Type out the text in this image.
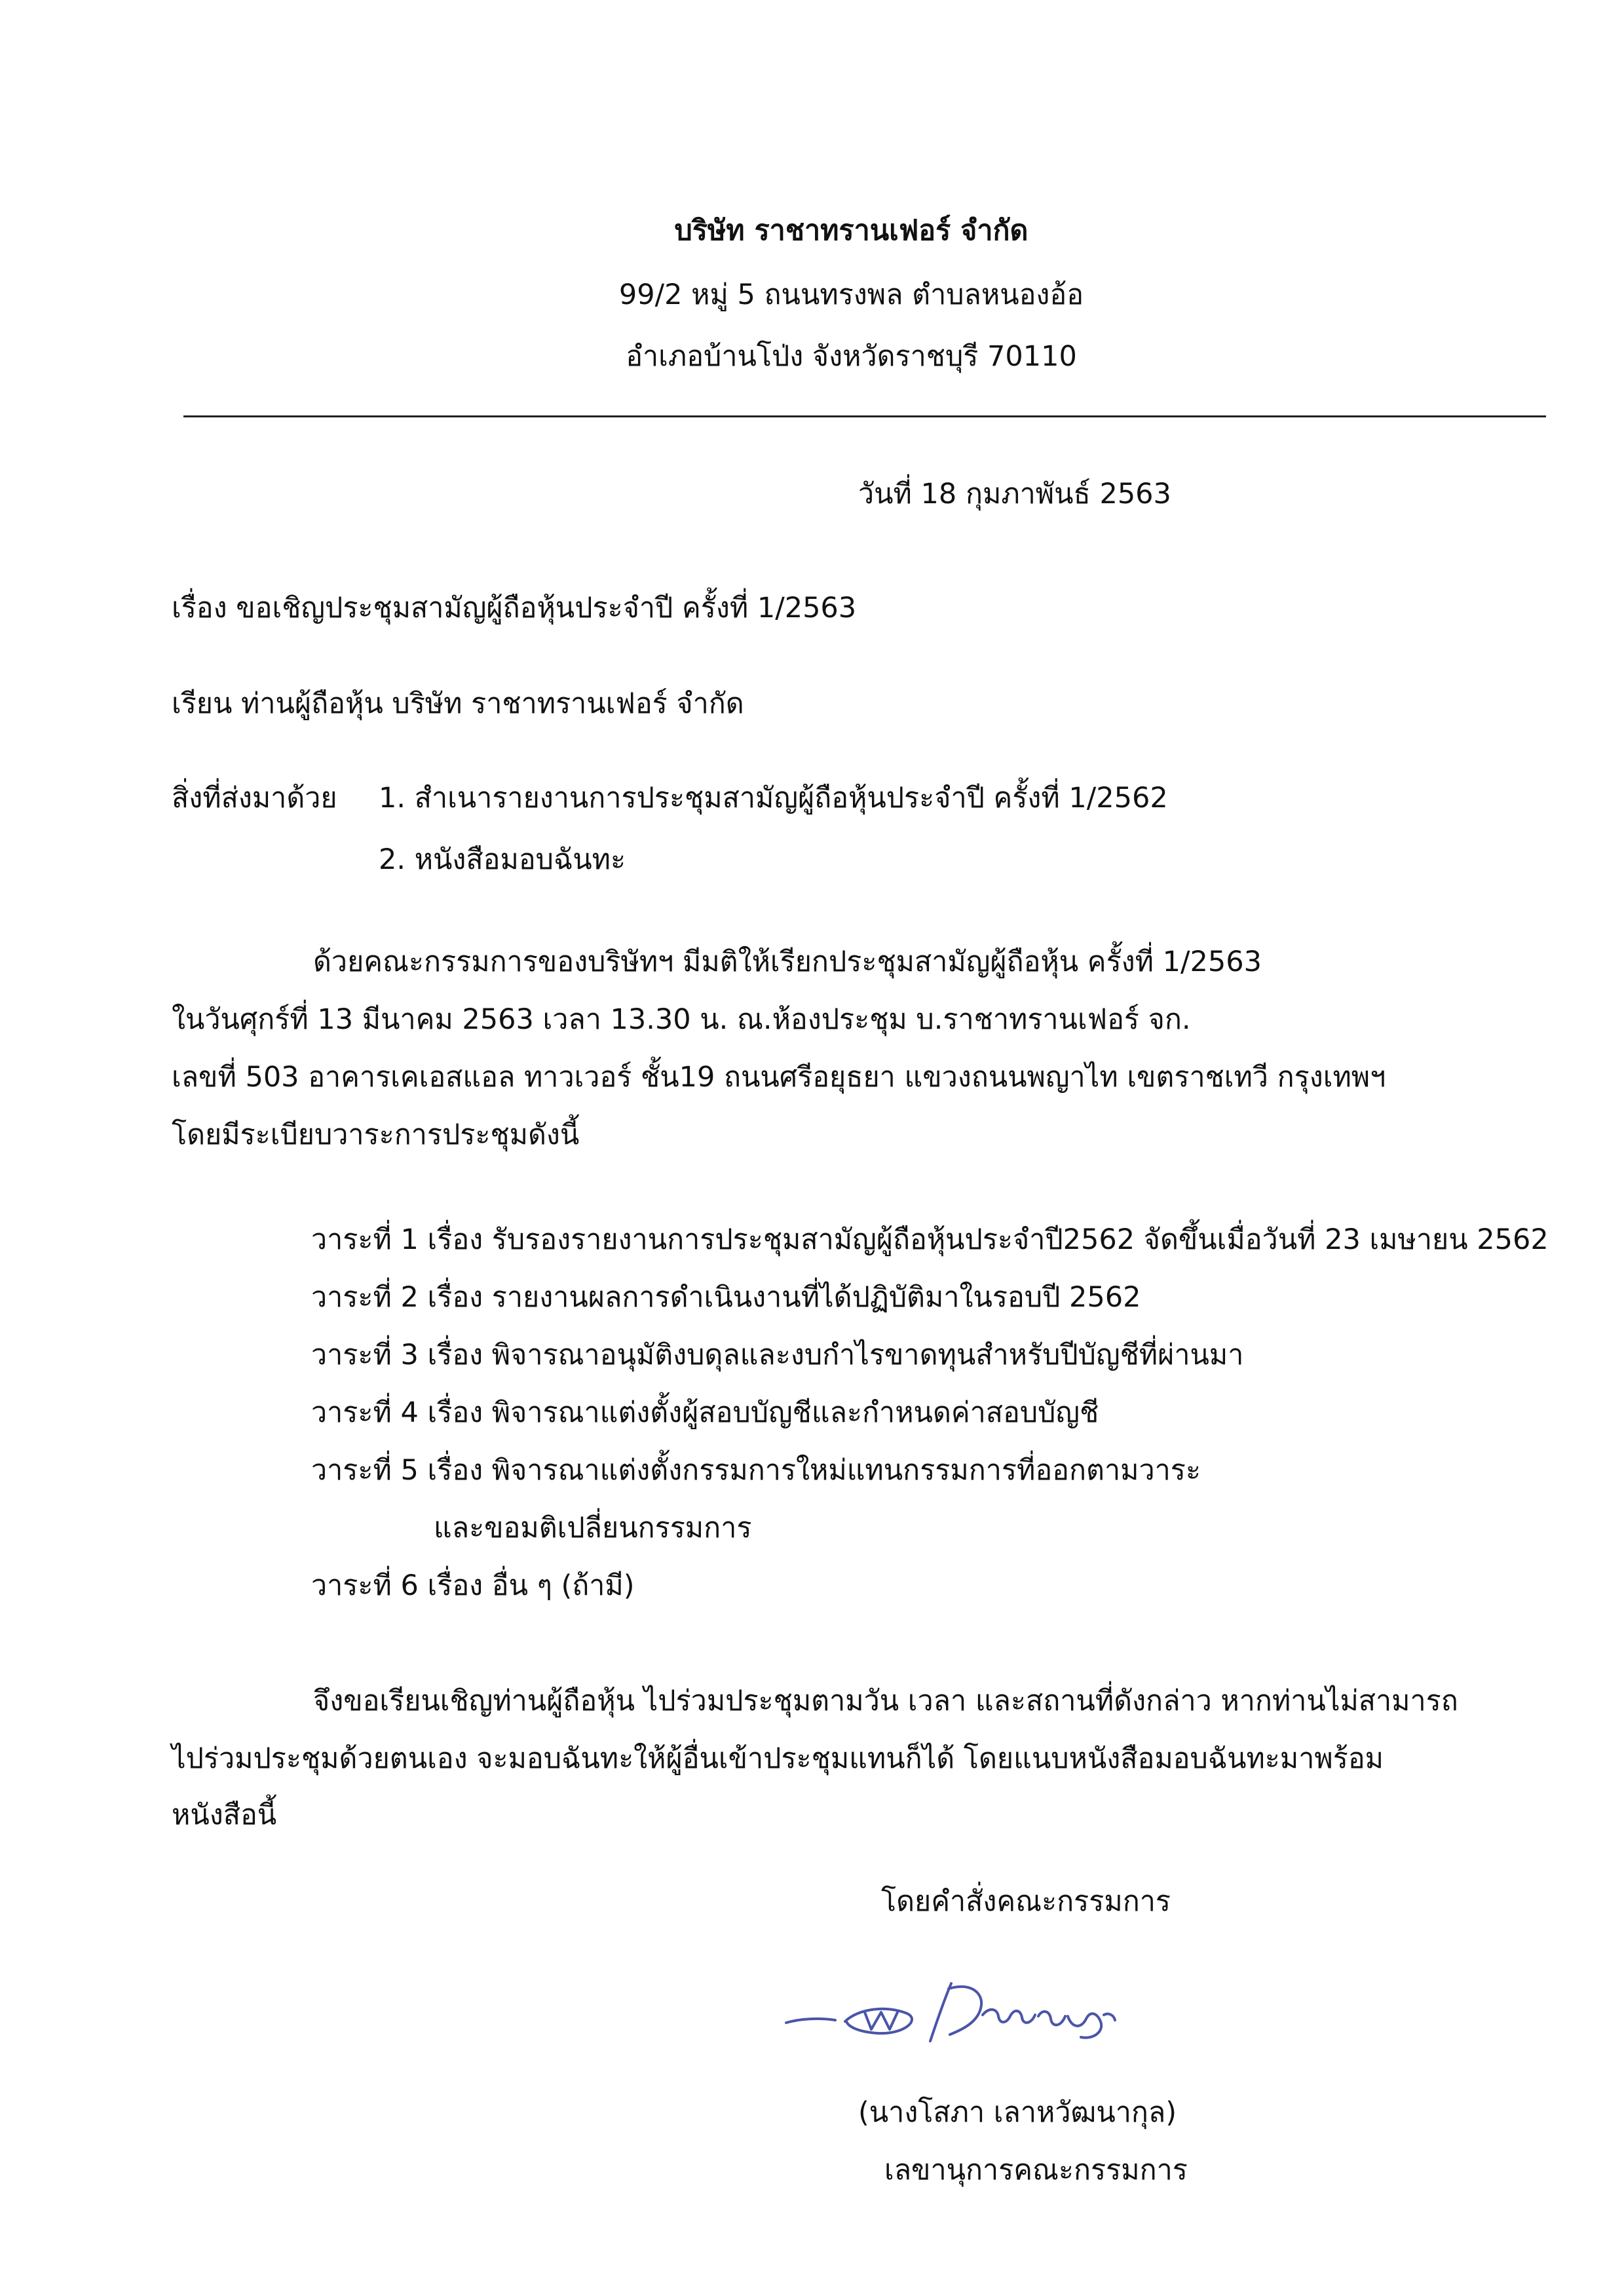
บริษัท ราชาทรานเฟอร์ จำกัด
99/2 หมู่ 5 ถนนทรงพล ตำบลหนองอ้อ
อำเภอบ้านโป่ง จังหวัดราชบุรี 70110
วันที่ 18 กุมภาพันธ์ 2563
เรื่อง ขอเชิญประชุมสามัญผู้ถือหุ้นประจำปี ครั้งที่ 1/2563
เรียน ท่านผู้ถือหุ้น บริษัท ราชาทรานเฟอร์ จำกัด
สิ่งที่ส่งมาด้วย 1. สำเนารายงานการประชุมสามัญผู้ถือหุ้นประจำปี ครั้งที่ 1/2562
2. หนังสือมอบฉันทะ
ด้วยคณะกรรมการของบริษัทฯ มีมติให้เรียกประชุมสามัญผู้ถือหุ้น ครั้งที่ 1/2563
ในวันศุกร์ที่ 13 มีนาคม 2563 เวลา 13.30 น. ณ.ห้องประชุม บ.ราชาทรานเฟอร์ จก.
เลขที่ 503 อาคารเคเอสแอล ทาวเวอร์ ชั้น19 ถนนศรีอยุธยา แขวงถนนพญาไท เขตราชเทวี กรุงเทพฯ
โดยมีระเบียบวาระการประชุมดังนี้
วาระที่ 1 เรื่อง รับรองรายงานการประชุมสามัญผู้ถือหุ้นประจำปี2562 จัดขึ้นเมื่อวันที่ 23 เมษายน 2562
วาระที่ 2 เรื่อง รายงานผลการดำเนินงานที่ได้ปฏิบัติมาในรอบปี 2562
วาระที่ 3 เรื่อง พิจารณาอนุมัติงบดุลและงบกำไรขาดทุนสำหรับปีบัญชีที่ผ่านมา
วาระที่ 4 เรื่อง พิจารณาแต่งตั้งผู้สอบบัญชีและกำหนดค่าสอบบัญชี
วาระที่ 5 เรื่อง พิจารณาแต่งตั้งกรรมการใหม่แทนกรรมการที่ออกตามวาระ
และขอมติเปลี่ยนกรรมการ
วาระที่ 6 เรื่อง อื่น ๆ (ถ้ามี)
จึงขอเรียนเชิญท่านผู้ถือหุ้น ไปร่วมประชุมตามวัน เวลา และสถานที่ดังกล่าว หากท่านไม่สามารถ
ไปร่วมประชุมด้วยตนเอง จะมอบฉันทะให้ผู้อื่นเข้าประชุมแทนก็ได้ โดยแนบหนังสือมอบฉันทะมาพร้อม
หนังสือนี้
โดยคำสั่งคณะกรรมการ
(นางโสภา เลาหวัฒนากุล)
เลขานุการคณะกรรมการ
